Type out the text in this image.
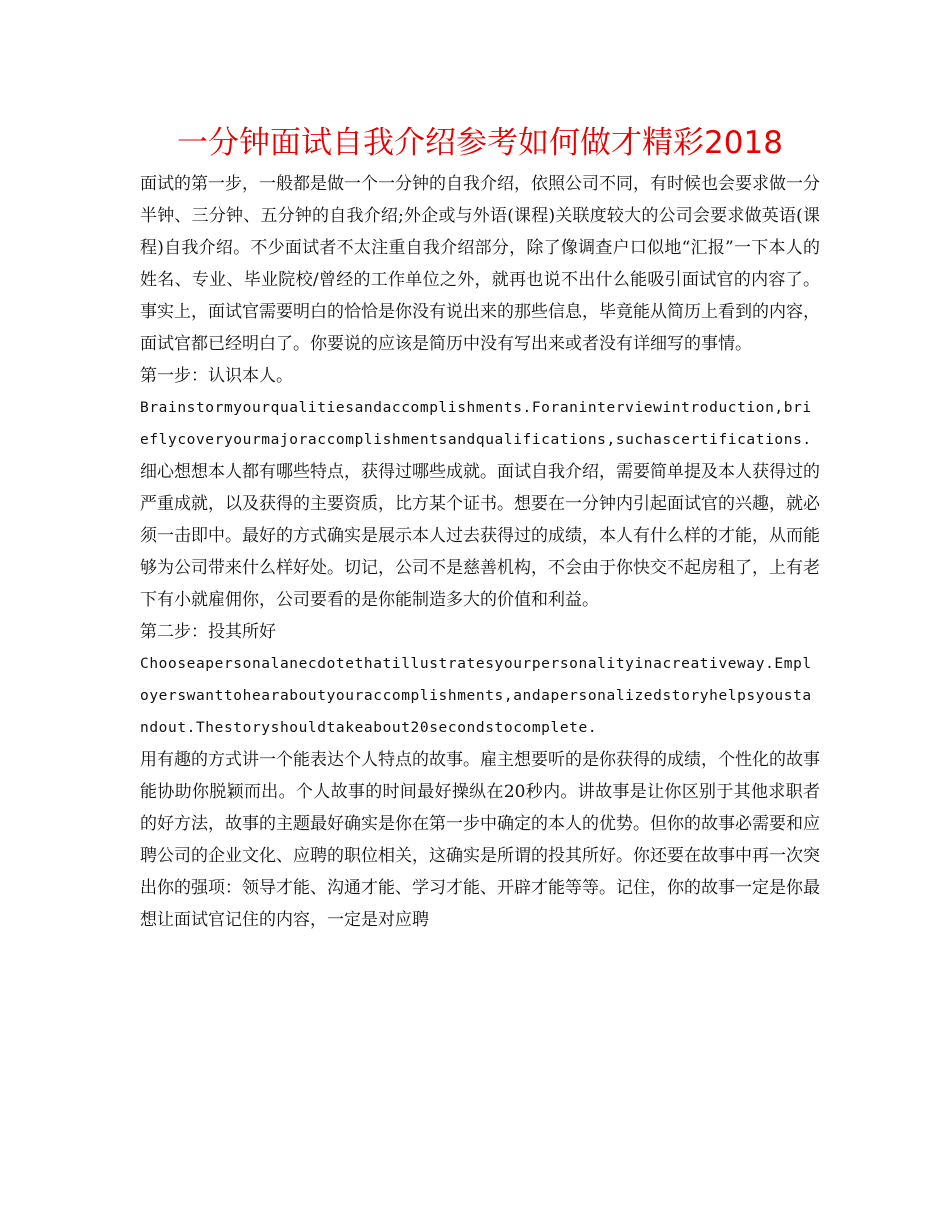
一分钟面试自我介绍参考如何做才精彩2018

面试的第一步，一般都是做一个一分钟的自我介绍，依照公司不同，有时候也会要求做一分半钟、三分钟、五分钟的自我介绍;外企或与外语(课程)关联度较大的公司会要求做英语(课程)自我介绍。不少面试者不太注重自我介绍部分，除了像调查户口似地“汇报”一下本人的姓名、专业、毕业院校/曾经的工作单位之外，就再也说不出什么能吸引面试官的内容了。事实上，面试官需要明白的恰恰是你没有说出来的那些信息，毕竟能从简历上看到的内容，面试官都已经明白了。你要说的应该是简历中没有写出来或者没有详细写的事情。

第一步：认识本人。

Brainstormyourqualitiesandaccomplishments.Foraninterviewintroduction,brieflycoveryourmajoraccomplishmentsandqualifications,suchascertifications.

细心想想本人都有哪些特点，获得过哪些成就。面试自我介绍，需要简单提及本人获得过的严重成就，以及获得的主要资质，比方某个证书。想要在一分钟内引起面试官的兴趣，就必须一击即中。最好的方式确实是展示本人过去获得过的成绩，本人有什么样的才能，从而能够为公司带来什么样好处。切记，公司不是慈善机构，不会由于你快交不起房租了，上有老下有小就雇佣你，公司要看的是你能制造多大的价值和利益。

第二步：投其所好

Chooseapersonalanecdotethatillustratesyourpersonalityinacreativeway.Employerswanttohearaboutyouraccomplishments,andapersonalizedstoryhelpsyoustandout.Thestoryshouldtakeabout20secondstocomplete.

用有趣的方式讲一个能表达个人特点的故事。雇主想要听的是你获得的成绩，个性化的故事能协助你脱颖而出。个人故事的时间最好操纵在20秒内。讲故事是让你区别于其他求职者的好方法，故事的主题最好确实是你在第一步中确定的本人的优势。但你的故事必需要和应聘公司的企业文化、应聘的职位相关，这确实是所谓的投其所好。你还要在故事中再一次突出你的强项：领导才能、沟通才能、学习才能、开辟才能等等。记住，你的故事一定是你最想让面试官记住的内容，一定是对应聘
